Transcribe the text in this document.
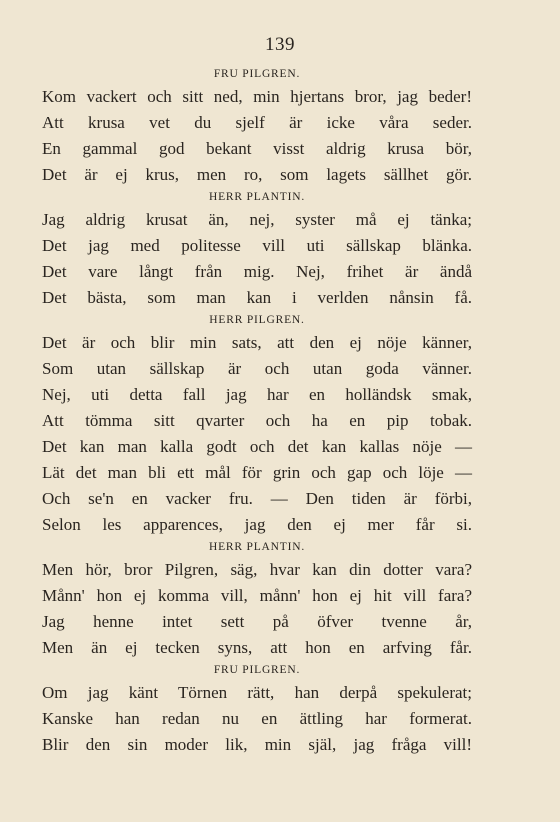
139
FRU PILGREN.
Kom vackert och sitt ned, min hjertans bror, jag beder!
Att krusa vet du sjelf är icke våra seder.
En gammal god bekant visst aldrig krusa bör,
Det är ej krus, men ro, som lagets sällhet gör.
HERR PLANTIN.
Jag aldrig krusat än, nej, syster må ej tänka;
Det jag med politesse vill uti sällskap blänka.
Det vare långt från mig. Nej, frihet är ändå
Det bästa, som man kan i verlden nånsin få.
HERR PILGREN.
Det är och blir min sats, att den ej nöje känner,
Som utan sällskap är och utan goda vänner.
Nej, uti detta fall jag har en holländsk smak,
Att tömma sitt qvarter och ha en pip tobak.
Det kan man kalla godt och det kan kallas nöje —
Lät det man bli ett mål för grin och gap och löje —
Och se'n en vacker fru. — Den tiden är förbi,
Selon les apparences, jag den ej mer får si.
HERR PLANTIN.
Men hör, bror Pilgren, säg, hvar kan din dotter vara?
Månn' hon ej komma vill, månn' hon ej hit vill fara?
Jag henne intet sett på öfver tvenne år,
Men än ej tecken syns, att hon en arfving får.
FRU PILGREN.
Om jag känt Törnen rätt, han derpå spekulerat;
Kanske han redan nu en ättling har formerat.
Blir den sin moder lik, min själ, jag fråga vill!
